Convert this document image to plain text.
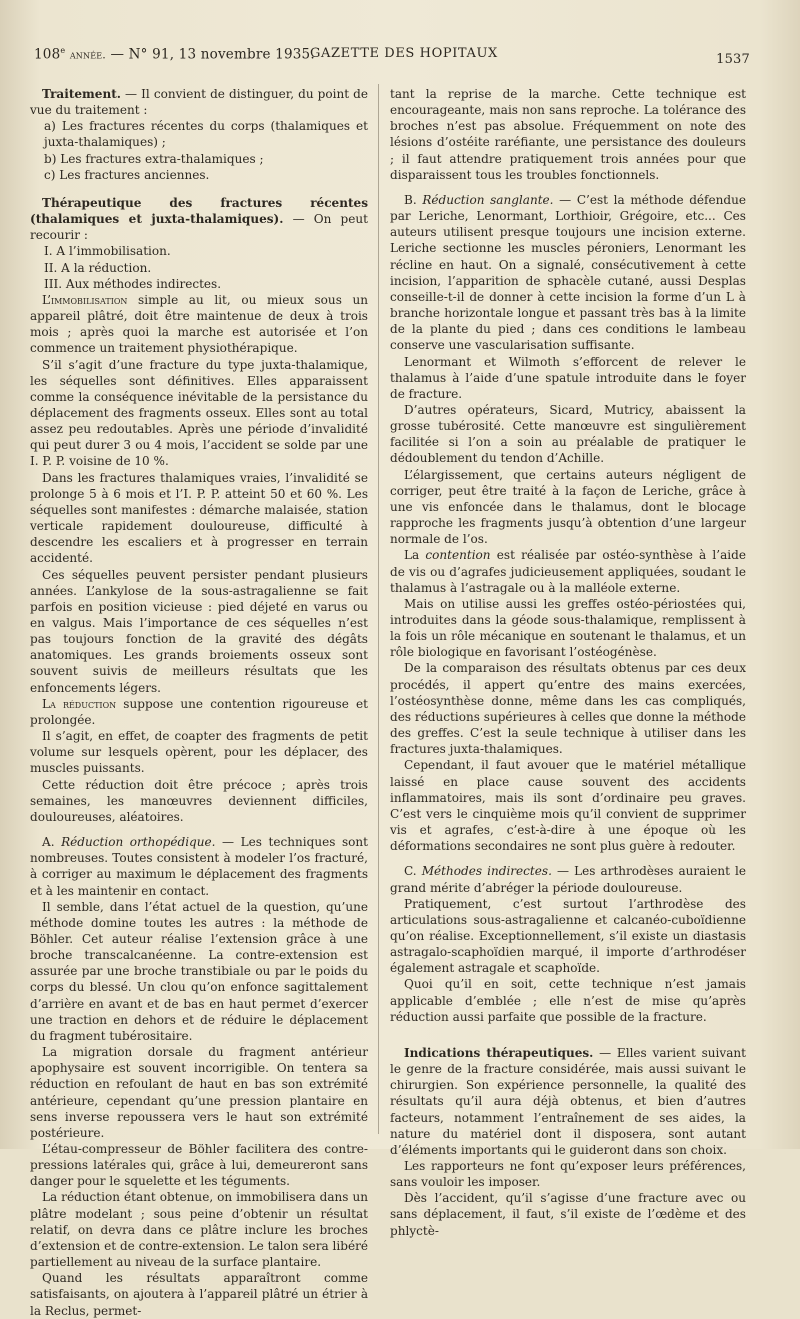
108e année. — N° 91, 13 novembre 1935.
GAZETTE DES HOPITAUX	1537

Traitement. — Il convient de distinguer, du point de vue du traitement :

a) Les fractures récentes du corps (thalamiques et juxta-thalamiques) ;

b) Les fractures extra-thalamiques ;

c) Les fractures anciennes.

Thérapeutique des fractures récentes (thalamiques et juxta-thalamiques). — On peut recourir :

I. A l’immobilisation.

II. A la réduction.

III. Aux méthodes indirectes.

L’immobilisation simple au lit, ou mieux sous un appareil plâtré, doit être maintenue de deux à trois mois ; après quoi la marche est autorisée et l’on commence un traitement physiothérapique.

S’il s’agit d’une fracture du type juxta-thalamique, les séquelles sont définitives. Elles apparaissent comme la conséquence inévitable de la persistance du déplacement des fragments osseux. Elles sont au total assez peu redoutables. Après une période d’invalidité qui peut durer 3 ou 4 mois, l’accident se solde par une I. P. P. voisine de 10 %.

Dans les fractures thalamiques vraies, l’invalidité se prolonge 5 à 6 mois et l’I. P. P. atteint 50 et 60 %. Les séquelles sont manifestes : démarche malaisée, station verticale rapidement douloureuse, difficulté à descendre les escaliers et à progresser en terrain accidenté.

Ces séquelles peuvent persister pendant plusieurs années. L’ankylose de la sous-astragalienne se fait parfois en position vicieuse : pied déjeté en varus ou en valgus. Mais l’importance de ces séquelles n’est pas toujours fonction de la gravité des dégâts anatomiques. Les grands broiements osseux sont souvent suivis de meilleurs résultats que les enfoncements légers.

La réduction suppose une contention rigoureuse et prolongée.

Il s’agit, en effet, de coapter des fragments de petit volume sur lesquels opèrent, pour les déplacer, des muscles puissants.

Cette réduction doit être précoce ; après trois semaines, les manœuvres deviennent difficiles, douloureuses, aléatoires.

A. Réduction orthopédique. — Les techniques sont nombreuses. Toutes consistent à modeler l’os fracturé, à corriger au maximum le déplacement des fragments et à les maintenir en contact.

Il semble, dans l’état actuel de la question, qu’une méthode domine toutes les autres : la méthode de Böhler. Cet auteur réalise l’extension grâce à une broche transcalcanéenne. La contre-extension est assurée par une broche transtibiale ou par le poids du corps du blessé. Un clou qu’on enfonce sagittalement d’arrière en avant et de bas en haut permet d’exercer une traction en dehors et de réduire le déplacement du fragment tubérositaire.

La migration dorsale du fragment antérieur apophysaire est souvent incorrigible. On tentera sa réduction en refoulant de haut en bas son extrémité antérieure, cependant qu’une pression plantaire en sens inverse repoussera vers le haut son extrémité postérieure.

L’étau-compresseur de Böhler facilitera des contre-pressions latérales qui, grâce à lui, demeureront sans danger pour le squelette et les téguments.

La réduction étant obtenue, on immobilisera dans un plâtre modelant ; sous peine d’obtenir un résultat relatif, on devra dans ce plâtre inclure les broches d’extension et de contre-extension. Le talon sera libéré partiellement au niveau de la surface plantaire.

Quand les résultats apparaîtront comme satisfaisants, on ajoutera à l’appareil plâtré un étrier à la Reclus, permet-

tant la reprise de la marche. Cette technique est encourageante, mais non sans reproche. La tolérance des broches n’est pas absolue. Fréquemment on note des lésions d’ostéite raréfiante, une persistance des douleurs ; il faut attendre pratiquement trois années pour que disparaissent tous les troubles fonctionnels.

B. Réduction sanglante. — C’est la méthode défendue par Leriche, Lenormant, Lorthioir, Grégoire, etc... Ces auteurs utilisent presque toujours une incision externe. Leriche sectionne les muscles péroniers, Lenormant les récline en haut. On a signalé, consécutivement à cette incision, l’apparition de sphacèle cutané, aussi Desplas conseille-t-il de donner à cette incision la forme d’un L à branche horizontale longue et passant très bas à la limite de la plante du pied ; dans ces conditions le lambeau conserve une vascularisation suffisante.

Lenormant et Wilmoth s’efforcent de relever le thalamus à l’aide d’une spatule introduite dans le foyer de fracture.

D’autres opérateurs, Sicard, Mutricy, abaissent la grosse tubérosité. Cette manœuvre est singulièrement facilitée si l’on a soin au préalable de pratiquer le dédoublement du tendon d’Achille.

L’élargissement, que certains auteurs négligent de corriger, peut être traité à la façon de Leriche, grâce à une vis enfoncée dans le thalamus, dont le blocage rapproche les fragments jusqu’à obtention d’une largeur normale de l’os.

La contention est réalisée par ostéo-synthèse à l’aide de vis ou d’agrafes judicieusement appliquées, soudant le thalamus à l’astragale ou à la malléole externe.

Mais on utilise aussi les greffes ostéo-périostées qui, introduites dans la géode sous-thalamique, remplissent à la fois un rôle mécanique en soutenant le thalamus, et un rôle biologique en favorisant l’ostéogénèse.

De la comparaison des résultats obtenus par ces deux procédés, il appert qu’entre des mains exercées, l’ostéosynthèse donne, même dans les cas compliqués, des réductions supérieures à celles que donne la méthode des greffes. C’est la seule technique à utiliser dans les fractures juxta-thalamiques.

Cependant, il faut avouer que le matériel métallique laissé en place cause souvent des accidents inflammatoires, mais ils sont d’ordinaire peu graves. C’est vers le cinquième mois qu’il convient de supprimer vis et agrafes, c’est-à-dire à une époque où les déformations secondaires ne sont plus guère à redouter.

C. Méthodes indirectes. — Les arthrodèses auraient le grand mérite d’abréger la période douloureuse.

Pratiquement, c’est surtout l’arthrodèse des articulations sous-astragalienne et calcanéo-cuboïdienne qu’on réalise. Exceptionnellement, s’il existe un diastasis astragalo-scaphoïdien marqué, il importe d’arthrodéser également astragale et scaphoïde.

Quoi qu’il en soit, cette technique n’est jamais applicable d’emblée ; elle n’est de mise qu’après réduction aussi parfaite que possible de la fracture.

Indications thérapeutiques. — Elles varient suivant le genre de la fracture considérée, mais aussi suivant le chirurgien. Son expérience personnelle, la qualité des résultats qu’il aura déjà obtenus, et bien d’autres facteurs, notamment l’entraînement de ses aides, la nature du matériel dont il disposera, sont autant d’éléments importants qui le guideront dans son choix.

Les rapporteurs ne font qu’exposer leurs préférences, sans vouloir les imposer.

Dès l’accident, qu’il s’agisse d’une fracture avec ou sans déplacement, il faut, s’il existe de l’œdème et des phlyctè-
